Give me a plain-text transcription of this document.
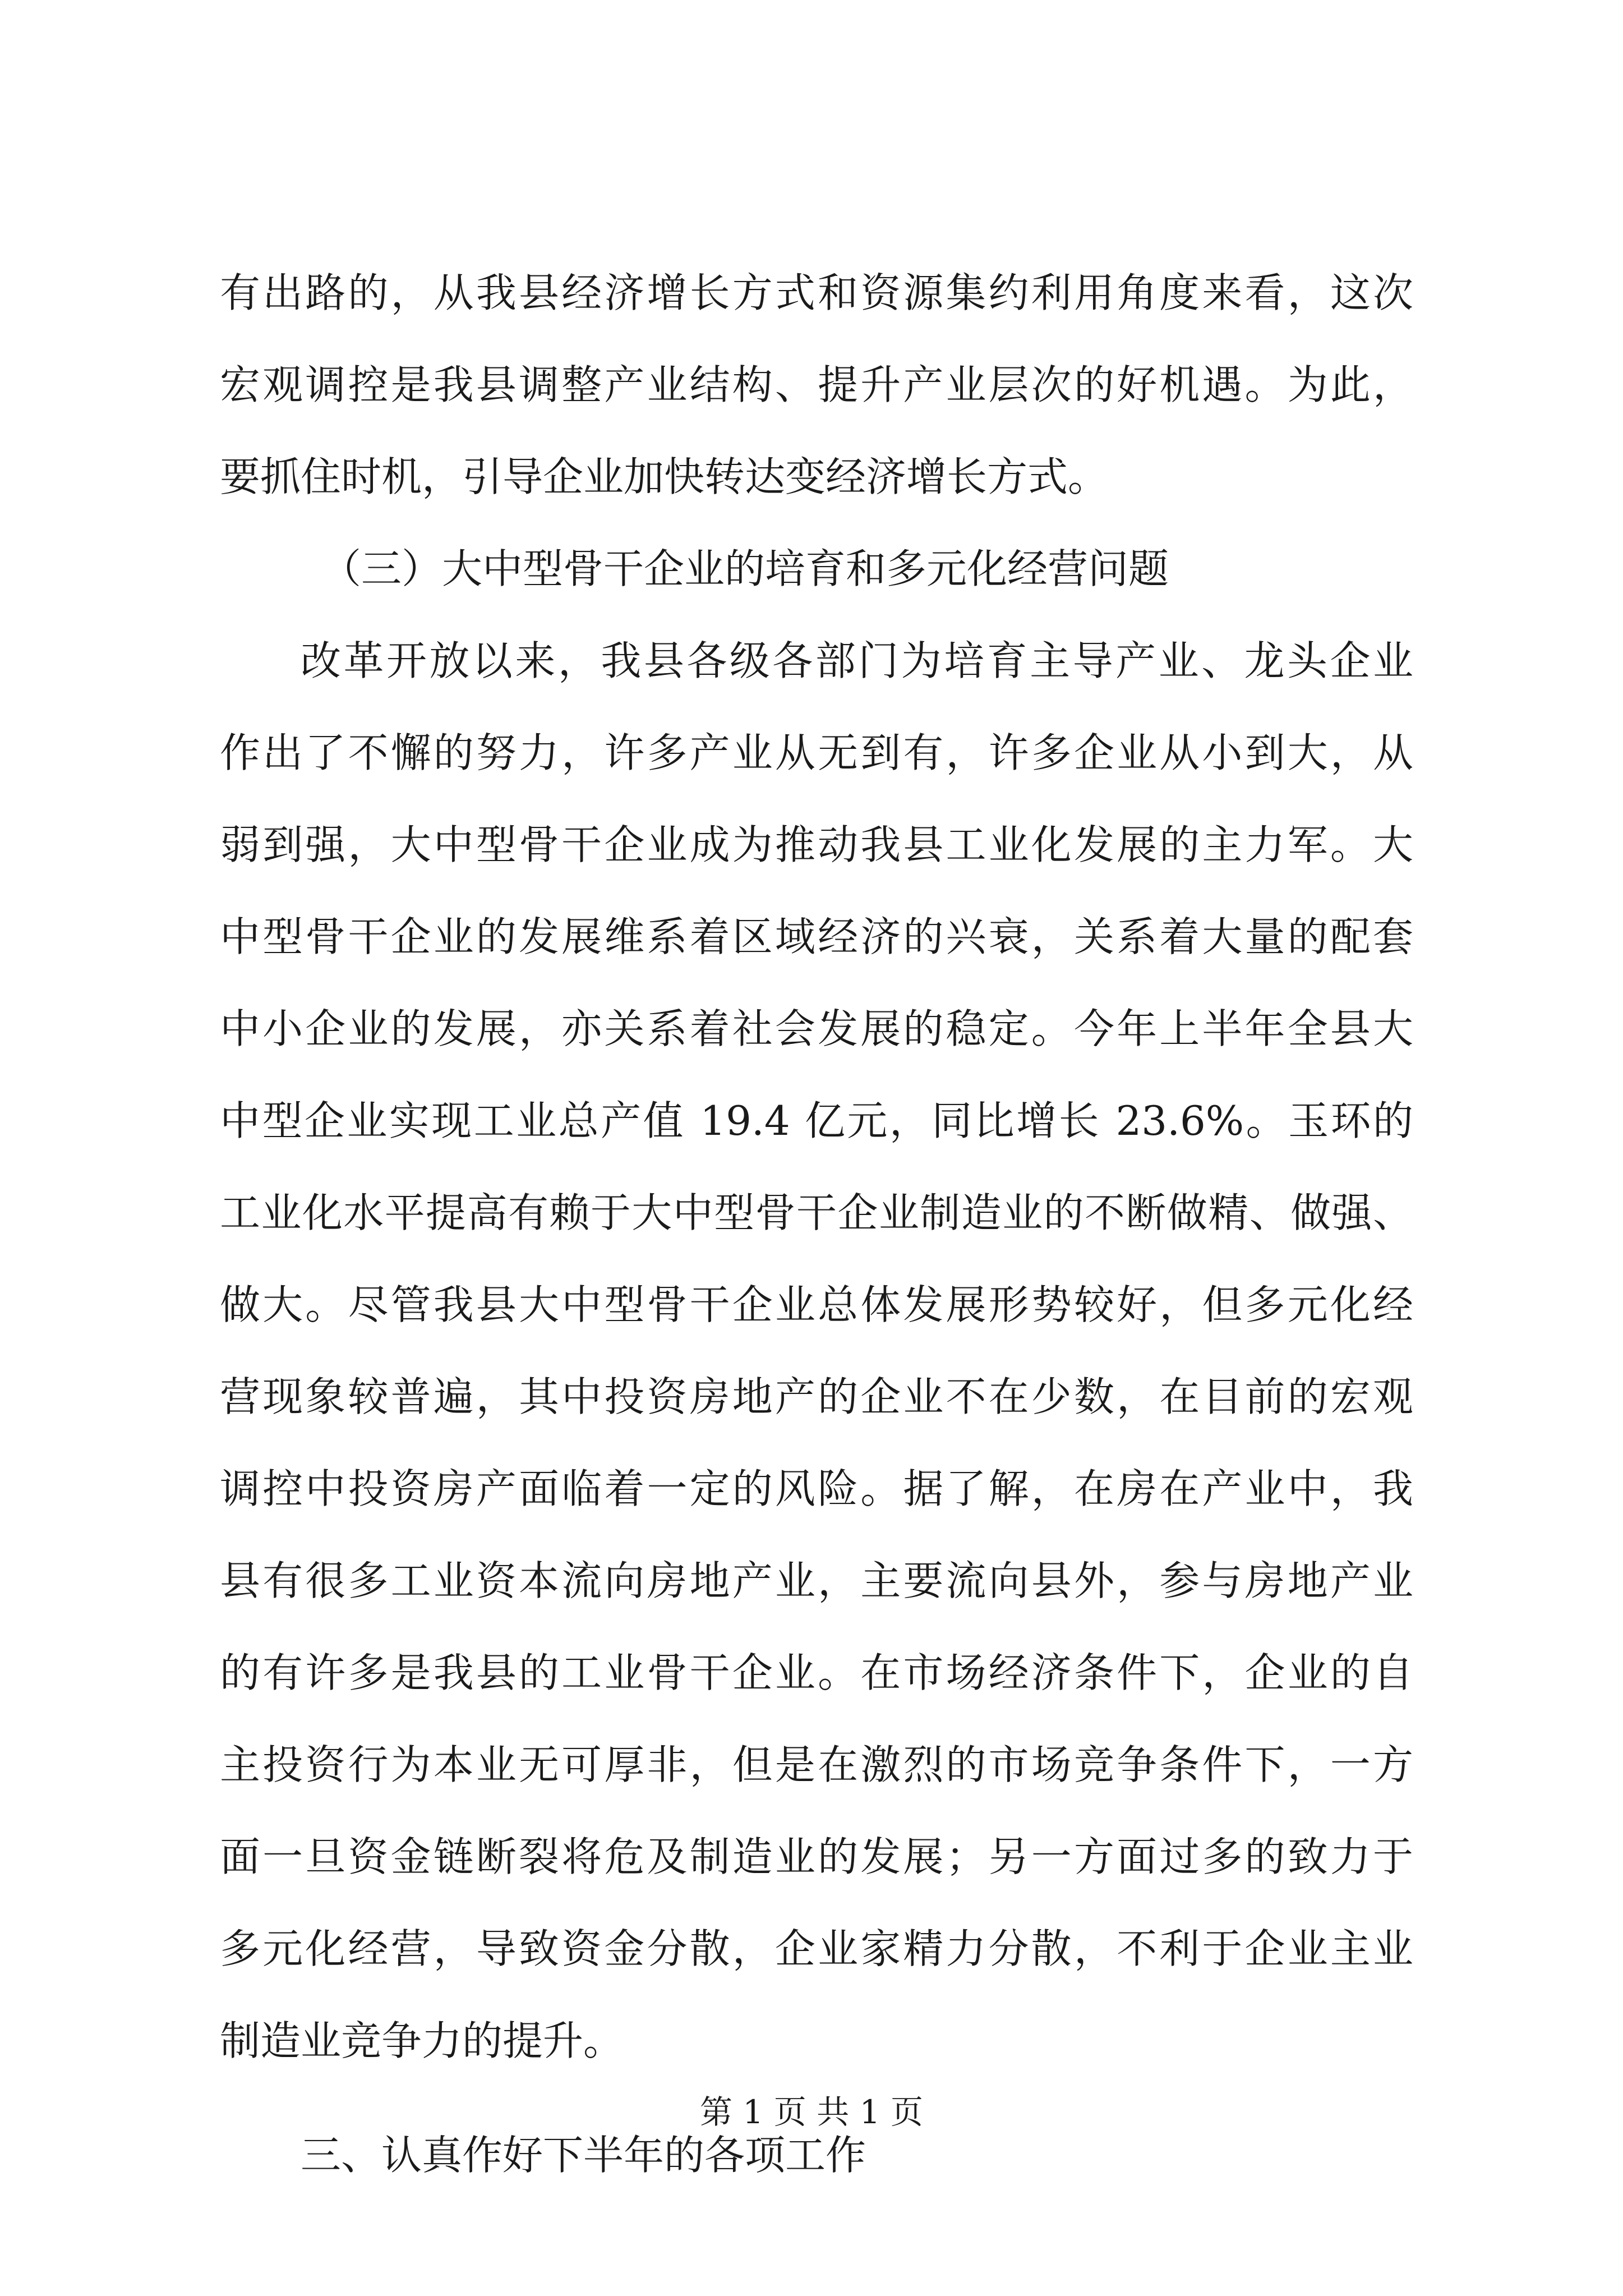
有出路的，从我县经济增长方式和资源集约利用角度来看，这次
宏观调控是我县调整产业结构、提升产业层次的好机遇。为此，
要抓住时机，引导企业加快转达变经济增长方式。
（三）大中型骨干企业的培育和多元化经营问题
改革开放以来，我县各级各部门为培育主导产业、龙头企业
作出了不懈的努力，许多产业从无到有，许多企业从小到大，从
弱到强，大中型骨干企业成为推动我县工业化发展的主力军。大
中型骨干企业的发展维系着区域经济的兴衰，关系着大量的配套
中小企业的发展，亦关系着社会发展的稳定。今年上半年全县大
中型企业实现工业总产值 19.4 亿元，同比增长 23.6%。玉环的
工业化水平提高有赖于大中型骨干企业制造业的不断做精、做强、
做大。尽管我县大中型骨干企业总体发展形势较好，但多元化经
营现象较普遍，其中投资房地产的企业不在少数，在目前的宏观
调控中投资房产面临着一定的风险。据了解，在房在产业中，我
县有很多工业资本流向房地产业，主要流向县外，参与房地产业
的有许多是我县的工业骨干企业。在市场经济条件下，企业的自
主投资行为本业无可厚非，但是在激烈的市场竞争条件下，一方
面一旦资金链断裂将危及制造业的发展；另一方面过多的致力于
多元化经营，导致资金分散，企业家精力分散，不利于企业主业
制造业竞争力的提升。
三、认真作好下半年的各项工作
第 1 页 共 1 页
